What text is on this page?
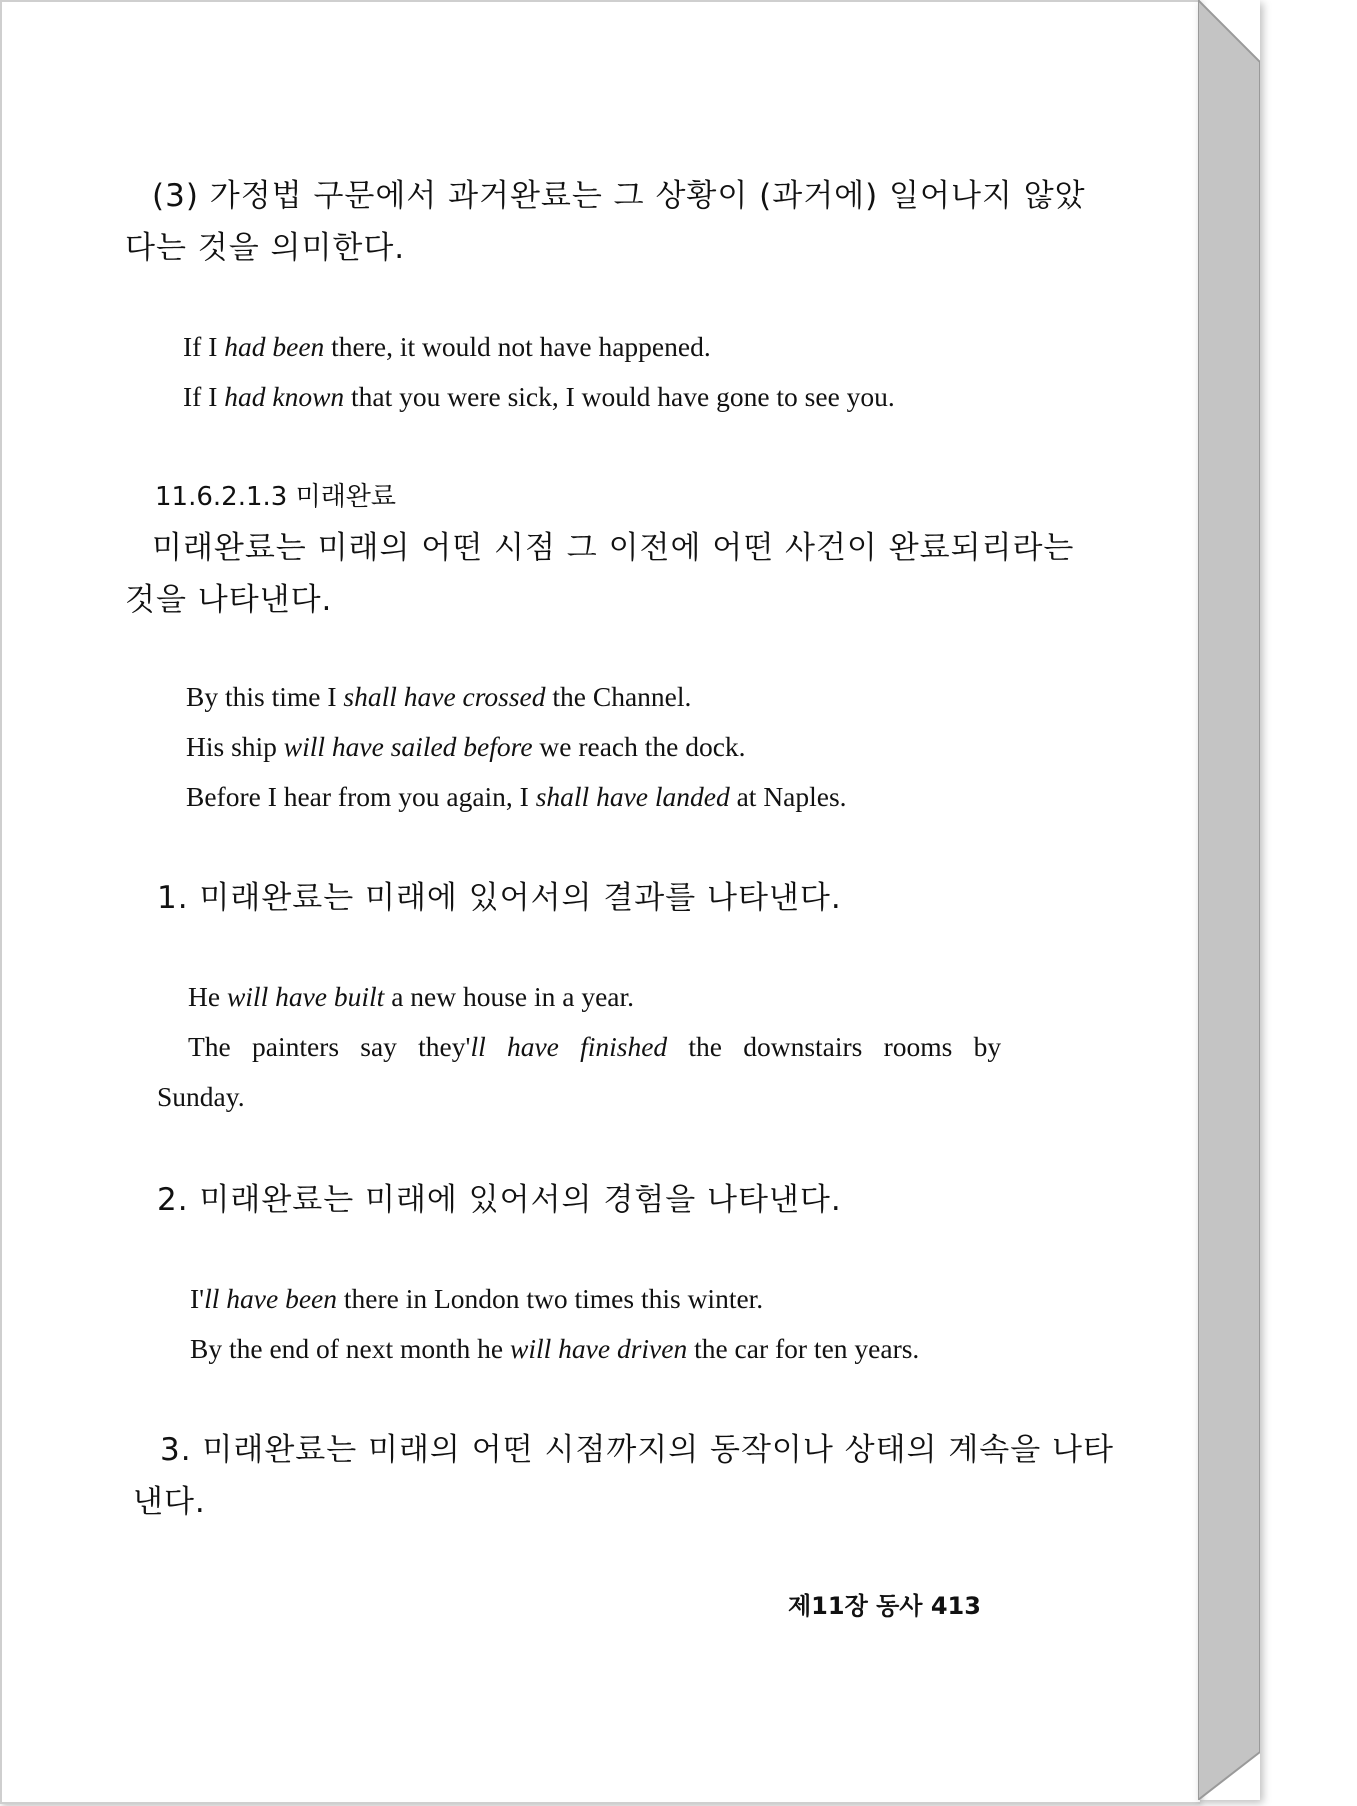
(3) 가정법 구문에서 과거완료는 그 상황이 (과거에) 일어나지 않았
다는 것을 의미한다.
If I had been there, it would not have happened.
If I had known that you were sick, I would have gone to see you.
11.6.2.1.3 미래완료
미래완료는 미래의 어떤 시점 그 이전에 어떤 사건이 완료되리라는
것을 나타낸다.
By this time I shall have crossed the Channel.
His ship will have sailed before we reach the dock.
Before I hear from you again, I shall have landed at Naples.
1. 미래완료는 미래에 있어서의 결과를 나타낸다.
He will have built a new house in a year.
The painters say they'll have finished the downstairs rooms by
Sunday.
2. 미래완료는 미래에 있어서의 경험을 나타낸다.
I'll have been there in London two times this winter.
By the end of next month he will have driven the car for ten years.
3. 미래완료는 미래의 어떤 시점까지의 동작이나 상태의 계속을 나타
낸다.
제11장 동사 413
